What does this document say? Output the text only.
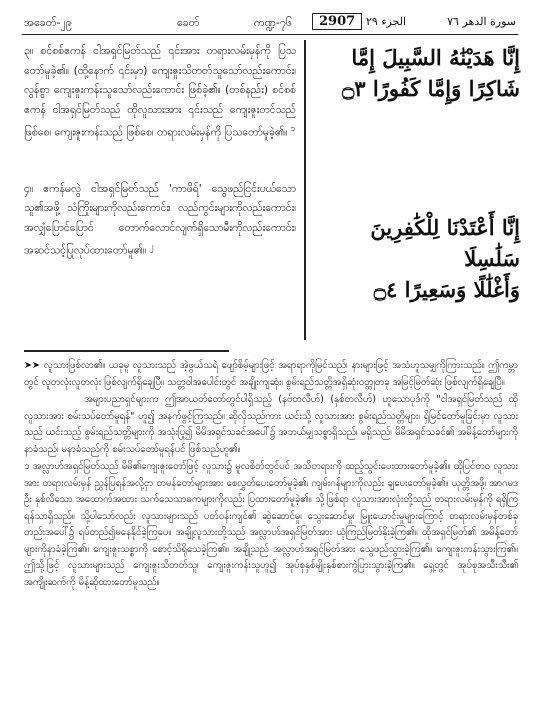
အခေတ်-၂၉	ခေတ်	ကဏ္ဍ-၇၆	2907 الجزء ٢٩	سورة الدهر ٧٦

၃။ စင်စစ်ဧကန် ငါအရှင်မြတ်သည် ၎င်းအား တရားလမ်းမှန်ကို ပြသတော်မူခဲ့၏။ (ထို့နောက် ၎င်းမှာ) ကျေးဇူးသိတတ်သူသော်လည်းကောင်း၊ လွန်စွာ ကျေးဇူးကန်းသူသော်လည်းကောင်း ဖြစ်ခဲ့၏။ (တစ်နည်း) စင်စစ်ဧကန် ငါအရှင်မြတ်သည် ထိုလူသားအား ၎င်းသည် ကျေးဇူးတင်သည်ဖြစ်စေ၊ ကျေးဇူးကန်းသည် ဖြစ်စေ၊ တရားလမ်းမှန်ကို ပြသတော်မူခဲ့၏။ $^၁$

၄။ ဧကန်မလွဲ ငါအရှင်မြတ်သည် 'ကာဖိရ်' သွေဖည်ငြင်းပယ်သောသူ၏အဖို့ သံကြိုးများကိုလည်းကောင်း၊ လည်ကွင်းများကိုလည်းကောင်း၊ အလျှံပြောင်ပြောင် တောက်လောင်လျက်ရှိသောမီးကိုလည်းကောင်း၊ အဆင်သင့်ပြုလုပ်ထားတော်မူ၏။ $^၂$

إِنَّا هَدَيْنَٰهُ السَّبِيلَ إِمَّا
شَاكِرًا وَإِمَّا كَفُورًا ۝٣
إِنَّا أَعْتَدْنَا لِلْكَٰفِرِينَ سَلَٰسِلَا
وَأَغْلَٰلًا وَسَعِيرًا ۝٤

➤➤ လူသားဖြစ်လာ၏။ ယခုမူ လူသားသည် အဲ့ဖွယ်သရဲ ဖျော်စိမ့်များဖြင့် အရာရာကိုမြင်သည်၊ နားများဖြင့် အသံဟူသမျှကိုကြားသည်။ ဤကမ္ဘာတွင် လူတလုံးလူတလုံး ဖြစ်လျက်ရှိချေပြီ။ သတ္တဝါအပေါင်းတွင် အချိုးကျဆုံး၊ စွမ်းရည်သတ္တိအရှိဆုံးဝတ္ထုတခု အမြင့်မြတ်ဆုံး ဖြစ်လျက်ရှိချေပြီ။

အများပညာရှင်များက ဤအာယတ်တော်တွင်ပါရှိသည့် (နဗ်တလီဟ်) (နှစ်တလီဟ်) ဟူသောပုဒ်ကို "ငါအရှင်မြတ်သည် ထိုလူသားအား စမ်းသပ်တော်မူရန်" ဟူ၍ အနက်ဖွင့်ကြသည်။ ဆိုလိုသည်ကား ယင်းသို့ လူသားအား စွမ်းရည်သတ္တိများ၊ ရှိမြင်တော်မူခြင်းမှာ လူသားသည် ယင်းသည့် စွမ်းရည်သတ္တိများကို အသုံးပြု၍ မိမိအရှင်သခင်အပေါ်၌ အဘယ်မျှသစ္စာရှိသည်၊ မရှိသည်၊ မိမိအရှင်သခင်၏ အမိန့်တော်များကို နာခံသည်၊ မနာခံသည်ကို စမ်းသပ်တော်မူရန်ပင် ဖြစ်သည်ဟူ၏။

၁ အလ္လာဟ်အရှင်မြတ်သည် မိမိ၏ကျေးဇူးတော်ဖြင့် လူသား၌ မူလစိတ်တွင်ပင် အသိတရားကို ထည့်သွင်းပေးထားတော်မူခဲ့၏။ ထိုပြင်တဝ လူသားအား တရားလမ်းမှန် ညွှန်ပြရန်အလို့ငှာ တမန်တော်များအား စေလွှတ်ပေးတော်မူခဲ့၏၊ ကျမ်းဂန်များကိုလည်း ချပေးတော်မူခဲ့၏။ ယုတ္တိအဖို့၊ အာဂမဒဦး နှစ်လီသော အထောက်အထား သက်သေသာဓကများကိုလည်း ပြထားတော်မူခဲ့၏။ သို့ဖြစ်ရာ လူသားအားလုံးတို့သည် တရားလမ်းမှန်ကို ရရှိကြရန်သာရှိသည်။ သို့ပါသော်လည်း လူသားများသည် ပတ်ဝန်းကျင်၏ ဆွဲဆောင်မှု၊ သွေးဆောင်မှု၊ မြူးယောင်းမှုများကြောင့် တရားလမ်းမှန်တစ်ခုတည်းအပေါ်၌ ရပ်တည်၍မနေနိုင်ခဲ့ကြပေ။ အချို့လူသားတို့သည် အလ္လာဟ်အရှင်မြတ်အား ယုံကြည်မြတ်နိုးခဲ့ကြ၏။ ထိုအရှင်မြတ်၏ အမိန့်တော်များကိုနာခံခဲ့ကြ၏။ ကျေးဇူးသစ္စာကို စောင့်သိရိုသေခဲ့ကြ၏။ အချို့သည် အလ္လာဟ်အရှင်မြတ်အား သွေဖည်သွားခဲ့ကြ၏။ ကျေးဇူးကန်းသွားကြ၏။ ဤသို့ဖြင့် လူသားများသည် ကျေးဇူးသိတတ်သူ၊ ကျေးဇူးကန်းသူဟူ၍ အုပ်စုနှစ်မျိုးနှစ်စားကွဲပြားသွားခဲ့ကြ၏။ ရှေ့တွင် အုပ်စုအသီးသီး၏ အကျိုးဆက်ကို မိန့်ဆိုထားတော်မူသည်။
